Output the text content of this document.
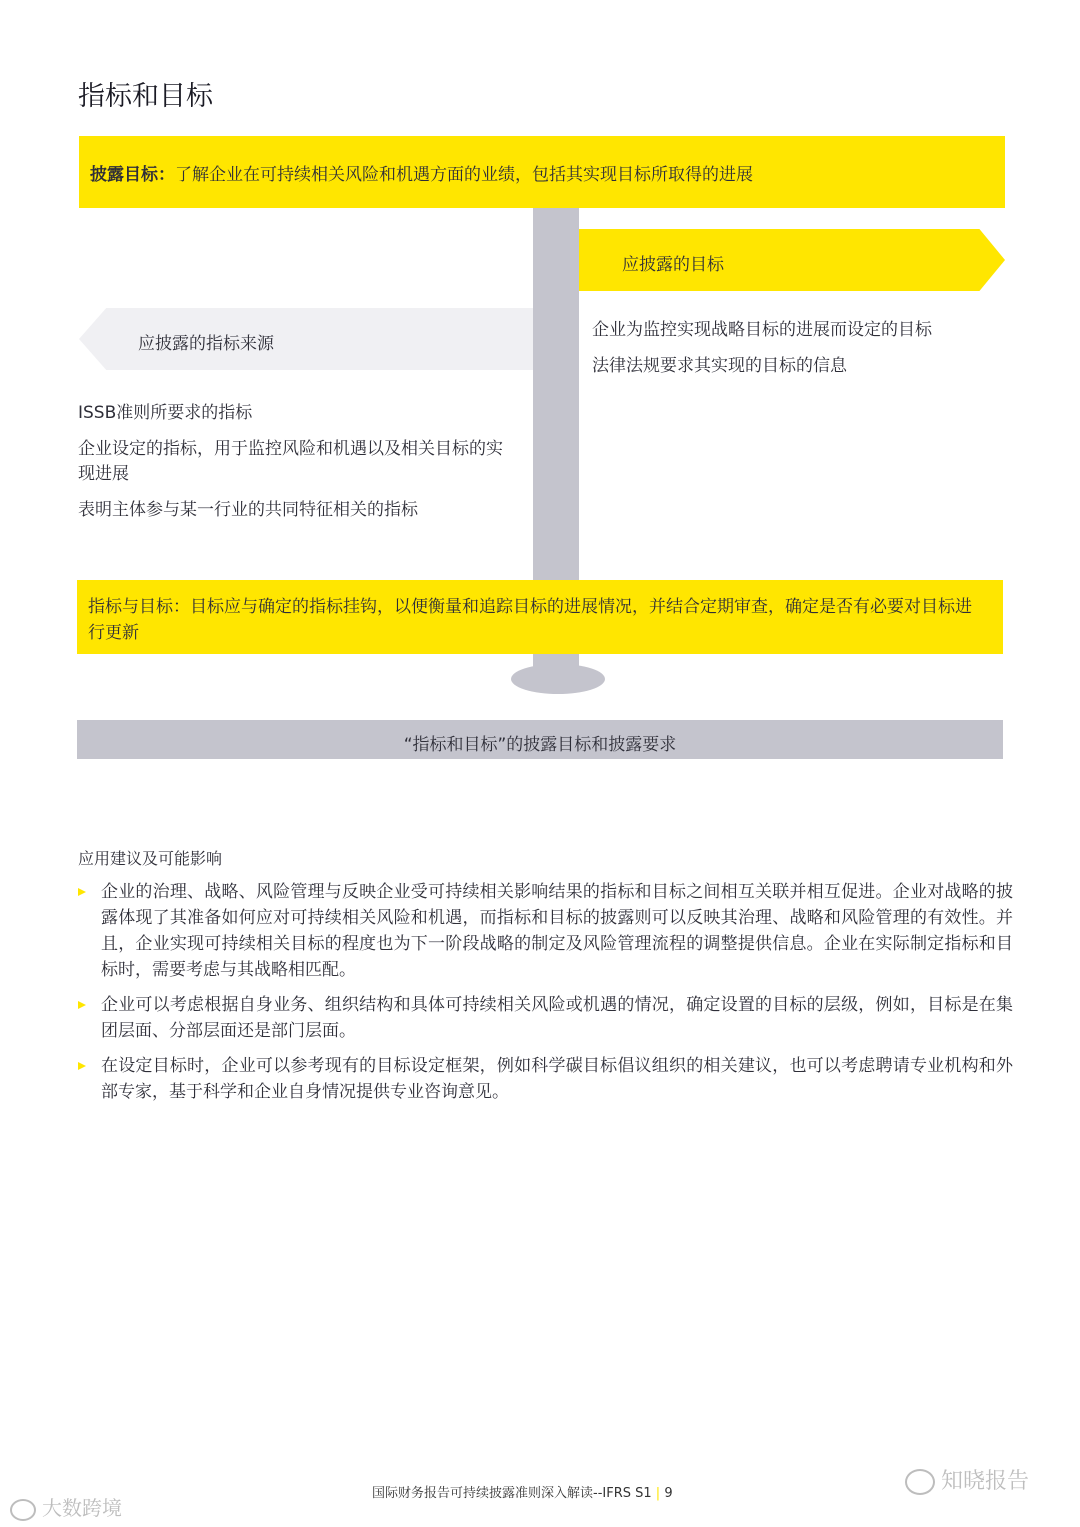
指标和目标
披露目标：了解企业在可持续相关风险和机遇方面的业绩，包括其实现目标所取得的进展
应披露的目标
企业为监控实现战略目标的进展而设定的目标
法律法规要求其实现的目标的信息
应披露的指标来源
ISSB准则所要求的指标
企业设定的指标，用于监控风险和机遇以及相关目标的实现进展
表明主体参与某一行业的共同特征相关的指标
指标与目标：目标应与确定的指标挂钩，以便衡量和追踪目标的进展情况，并结合定期审查，确定是否有必要对目标进行更新
“指标和目标”的披露目标和披露要求
应用建议及可能影响
企业的治理、战略、风险管理与反映企业受可持续相关影响结果的指标和目标之间相互关联并相互促进。企业对战略的披露体现了其准备如何应对可持续相关风险和机遇，而指标和目标的披露则可以反映其治理、战略和风险管理的有效性。并且，企业实现可持续相关目标的程度也为下一阶段战略的制定及风险管理流程的调整提供信息。企业在实际制定指标和目标时，需要考虑与其战略相匹配。
企业可以考虑根据自身业务、组织结构和具体可持续相关风险或机遇的情况，确定设置的目标的层级，例如，目标是在集团层面、分部层面还是部门层面。
在设定目标时，企业可以参考现有的目标设定框架，例如科学碳目标倡议组织的相关建议，也可以考虑聘请专业机构和外部专家，基于科学和企业自身情况提供专业咨询意见。
国际财务报告可持续披露准则深入解读--IFRS S1 | 9	知晓报告
大数跨境
